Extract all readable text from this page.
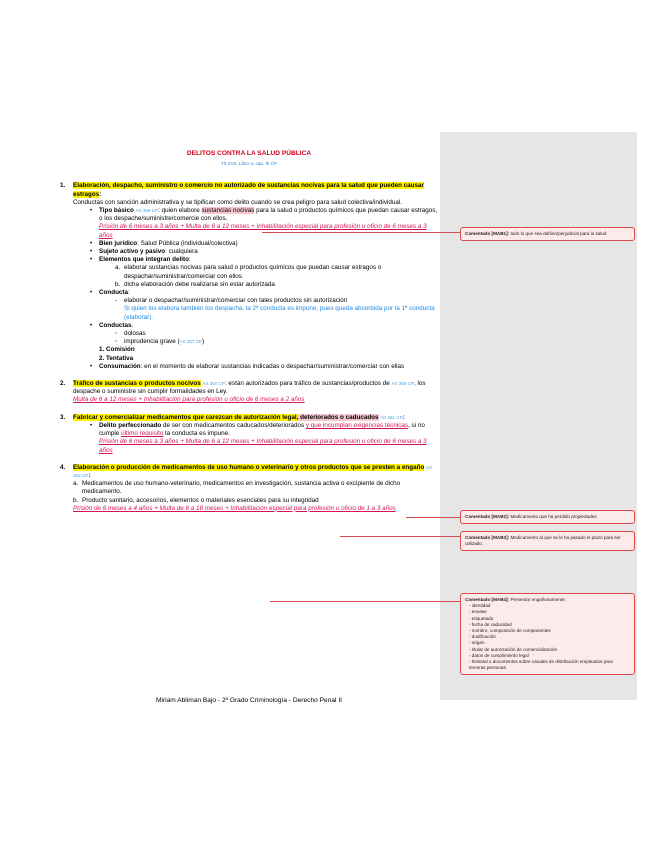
DELITOS CONTRA LA SALUD PÚBLICA

Tít XVII, Libro II, cap. III CP

1. Elaboración, despacho, suministro o comercio no autorizado de sustancias nocivas para la salud que pueden causar estragos:
Conductas con sanción administrativa y se tipifican como delito cuando se crea peligro para salud colectiva/individual.
• Tipo básico Art 359 CP: quien elabore sustancias nocivas para la salud o productos químicos que puedan causar estragos, o los despache/suministre/comercie con ellos.
Prisión de 6 meses a 3 años + Multa de 6 a 12 meses + Inhabilitación especial para profesión u oficio de 6 meses a 3 años
• Bien jurídico: Salud Pública (individual/colectiva)
• Sujeto activo y pasivo: cualquiera
• Elementos que integran delito:
a. elaborar sustancias nocivas para salud o productos químicos que puedan causar estragos o despachar/suministrar/comerciar con ellos
b. dicha elaboración debe realizarse sin estar autorizada
• Conducta:
- elaborar o despachar/suministrar/comerciar con tales productos sin autorización
Si quien los elabora también los despacha, la 2ª conducta es impune, pues queda absorbida por la 1ª conducta (elaborar).
• Conductas:
· dolosas
· imprudencia grave (Art 367 CP)
1. Comisión
2. Tentativa
• Consumación: en el momento de elaborar sustancias indicadas o despachar/suministrar/comerciar con ellas
2. Tráfico de sustancias o productos nocivos Art 360 CP: están autorizados para tráfico de sustancias/productos de Art 359 CP, los despache o suministre sin cumplir formalidades en Ley.
Multa de 6 a 12 meses + Inhabilitación para profesión u oficio de 6 meses a 2 años
3. Fabricar y comercializar medicamentos que carezcan de autorización legal, deteriorados o caducados Art 361 CP:
• Delito perfeccionado de ser con medicamentos caducados/deteriorados y que incumplan exigencias técnicas, si no cumple último requisito la conducta es impune.
Prisión de 6 meses a 3 años + Multa de 6 a 12 meses + Inhabilitación especial para profesión u oficio de 6 meses a 3 años
4. Elaboración o producción de medicamentos de uso humano o veterinario y otros productos que se presten a engaño Art 362 CP:
a. Medicamentos de uso humano-veterinario, medicamentos en investigación, sustancia activa o excipiente de dicho medicamento.
b. Producto sanitario, accesorios, elementos o materiales esenciales para su integridad
Prisión de 6 meses a 4 años + Multa de 6 a 18 meses + Inhabilitación especial para profesión u oficio de 1 a 3 años
Miriam Abliman Bajo - 2º Grado Criminología - Derecho Penal II
Comentado [MAB1]: todo lo que sea dañino/perjudicial para la salud
Comentado [MAB2]: Medicamento que ha perdido propiedades
Comentado [MAB3]: Medicamento al que se le ha pasado el plazo para ser utilizado.
Comentado [MAB4]: Presentar engañosamente:
- identidad
- envase
- etiquetado
- fecha de caducidad
- nombre, composición de componentes
- dosificación
- origen
- titular de autorización de comercialización
- datos de cumplimiento legal
- historial o documentos sobre canales de distribución empleados para terceras personas.
